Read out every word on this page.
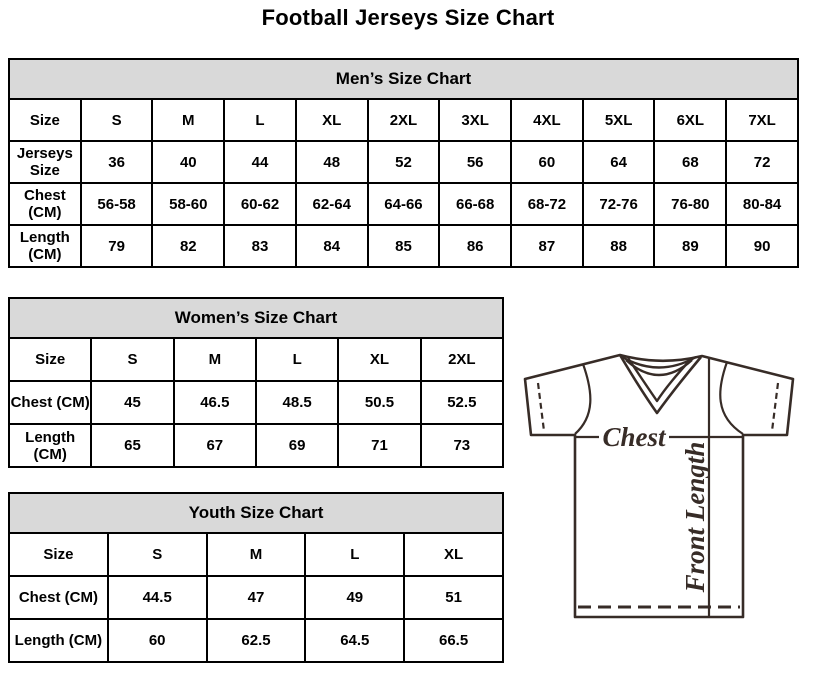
Football Jerseys Size Chart
Men’s Size Chart										
Size	S	M	L	XL	2XL	3XL	4XL	5XL	6XL	7XL
Jerseys Size	36	40	44	48	52	56	60	64	68	72
Chest (CM)	56-58	58-60	60-62	62-64	64-66	66-68	68-72	72-76	76-80	80-84
Length (CM)	79	82	83	84	85	86	87	88	89	90
Women’s Size Chart					
Size	S	M	L	XL	2XL
Chest (CM)	45	46.5	48.5	50.5	52.5
Length (CM)	65	67	69	71	73
Youth Size Chart				
Size	S	M	L	XL
Chest (CM)	44.5	47	49	51
Length (CM)	60	62.5	64.5	66.5
Chest
Front Length
